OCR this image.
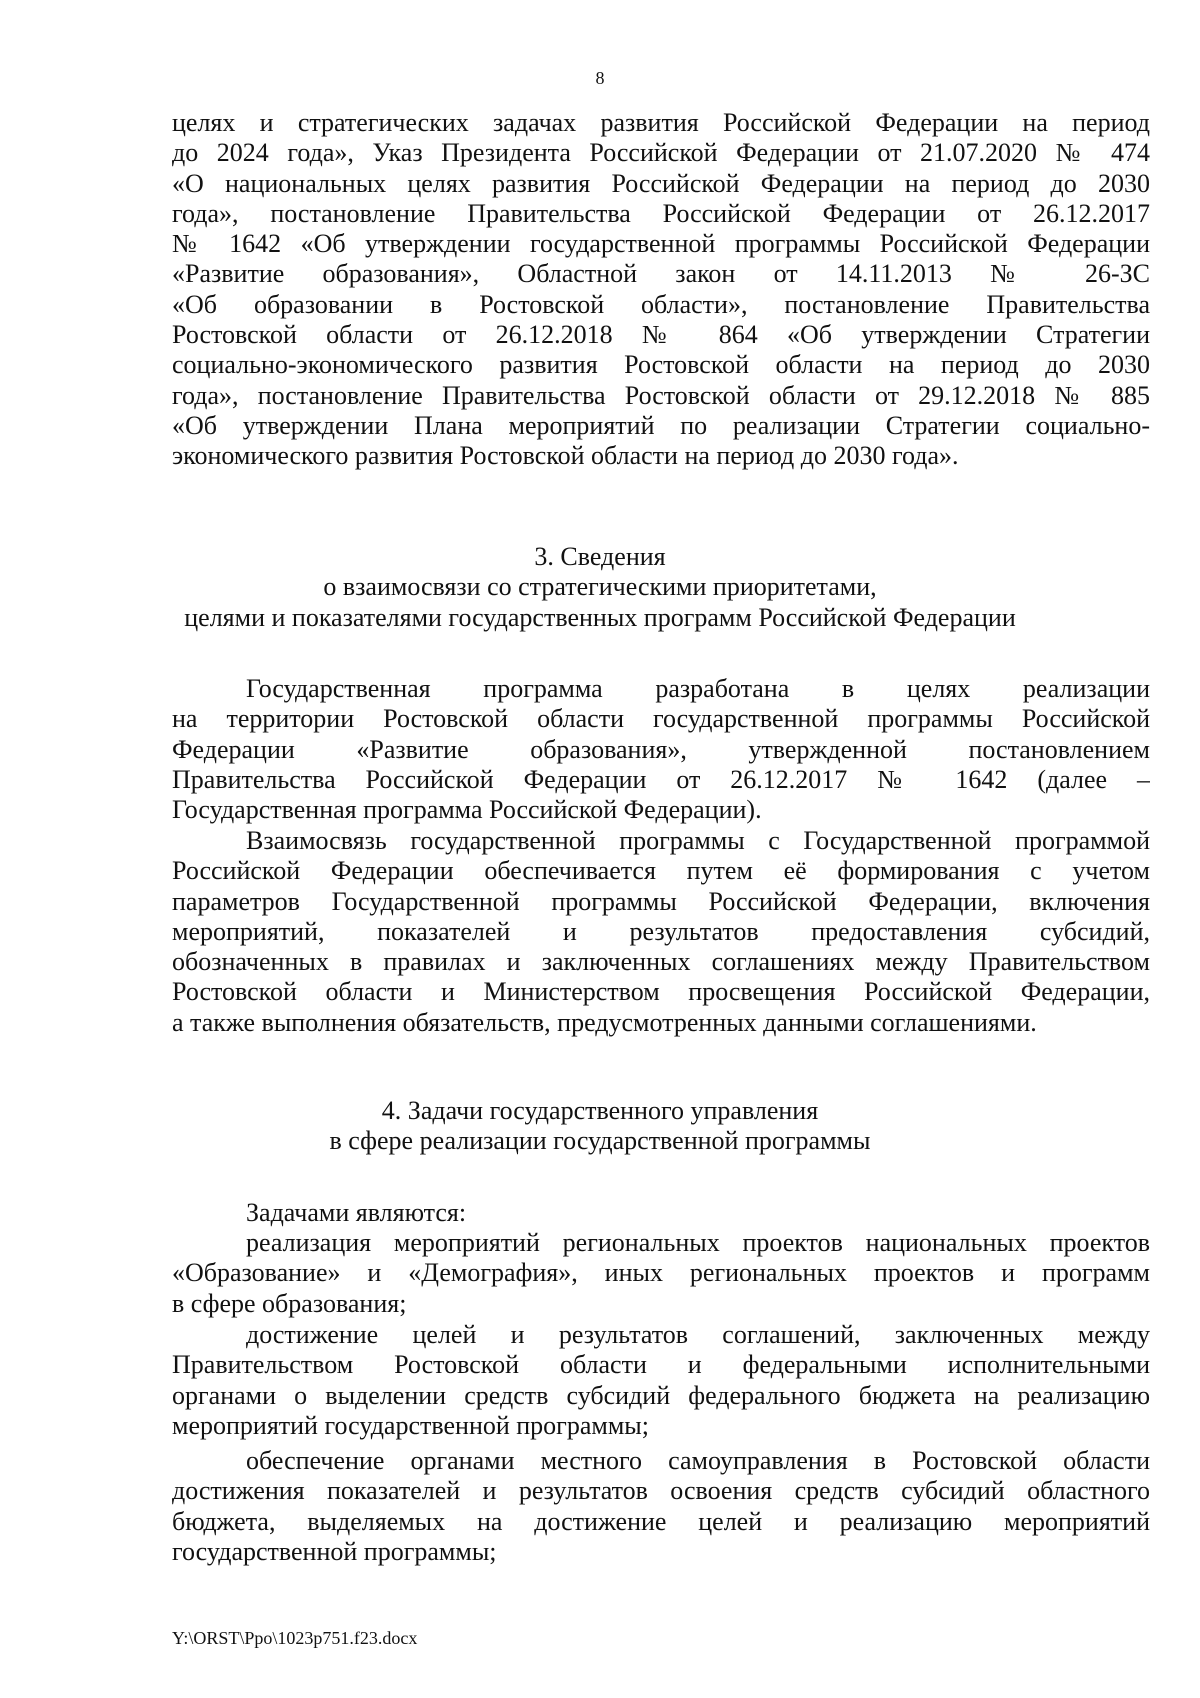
8
целях и стратегических задачах развития Российской Федерации на период
до 2024 года», Указ Президента Российской Федерации от 21.07.2020 № 474
«О национальных целях развития Российской Федерации на период до 2030
года», постановление Правительства Российской Федерации от 26.12.2017
№ 1642 «Об утверждении государственной программы Российской Федерации
«Развитие образования», Областной закон от 14.11.2013 № 26-ЗС
«Об образовании в Ростовской области», постановление Правительства
Ростовской области от 26.12.2018 № 864 «Об утверждении Стратегии
социально-экономического развития Ростовской области на период до 2030
года», постановление Правительства Ростовской области от 29.12.2018 № 885
«Об утверждении Плана мероприятий по реализации Стратегии социально-
экономического развития Ростовской области на период до 2030 года».
3. Сведения
о взаимосвязи со стратегическими приоритетами,
целями и показателями государственных программ Российской Федерации
Государственная программа разработана в целях реализации
на территории Ростовской области государственной программы Российской
Федерации «Развитие образования», утвержденной постановлением
Правительства Российской Федерации от 26.12.2017 № 1642 (далее –
Государственная программа Российской Федерации).
Взаимосвязь государственной программы с Государственной программой
Российской Федерации обеспечивается путем её формирования с учетом
параметров Государственной программы Российской Федерации, включения
мероприятий, показателей и результатов предоставления субсидий,
обозначенных в правилах и заключенных соглашениях между Правительством
Ростовской области и Министерством просвещения Российской Федерации,
а также выполнения обязательств, предусмотренных данными соглашениями.
4. Задачи государственного управления
в сфере реализации государственной программы
Задачами являются:
реализация мероприятий региональных проектов национальных проектов
«Образование» и «Демография», иных региональных проектов и программ
в сфере образования;
достижение целей и результатов соглашений, заключенных между
Правительством Ростовской области и федеральными исполнительными
органами о выделении средств субсидий федерального бюджета на реализацию
мероприятий государственной программы;
обеспечение органами местного самоуправления в Ростовской области
достижения показателей и результатов освоения средств субсидий областного
бюджета, выделяемых на достижение целей и реализацию мероприятий
государственной программы;
Y:\ORST\Ppo\1023p751.f23.docx
